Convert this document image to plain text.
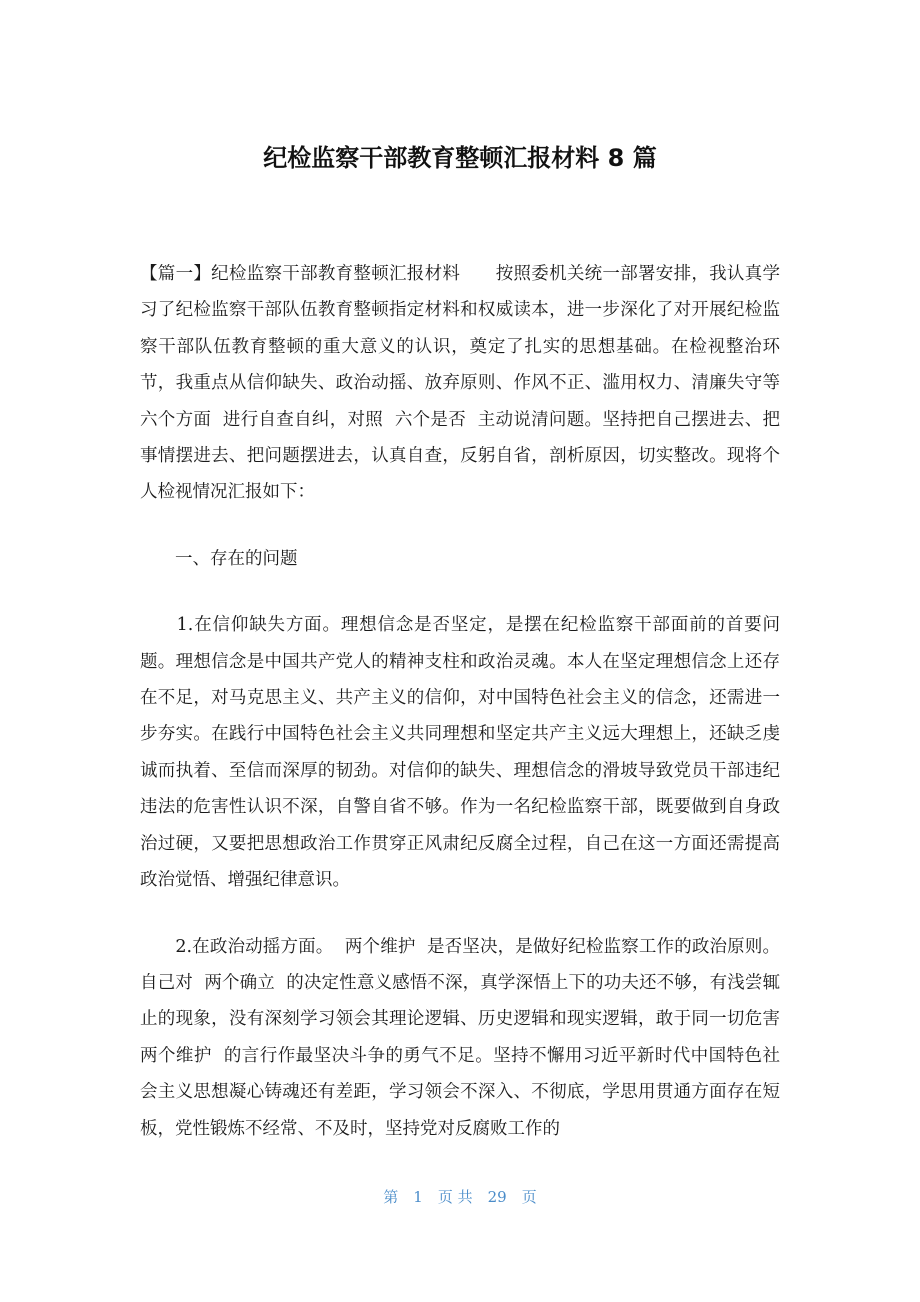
纪检监察干部教育整顿汇报材料 8 篇

【篇一】纪检监察干部教育整顿汇报材料　　按照委机关统一部署安排，我认真学习了纪检监察干部队伍教育整顿指定材料和权威读本，进一步深化了对开展纪检监察干部队伍教育整顿的重大意义的认识，奠定了扎实的思想基础。在检视整治环节，我重点从信仰缺失、政治动摇、放弃原则、作风不正、滥用权力、清廉失守等  六个方面  进行自查自纠，对照  六个是否  主动说清问题。坚持把自己摆进去、把事情摆进去、把问题摆进去，认真自查，反躬自省，剖析原因，切实整改。现将个人检视情况汇报如下：

　　一、存在的问题

　　1.在信仰缺失方面。理想信念是否坚定，是摆在纪检监察干部面前的首要问题。理想信念是中国共产党人的精神支柱和政治灵魂。本人在坚定理想信念上还存在不足，对马克思主义、共产主义的信仰，对中国特色社会主义的信念，还需进一步夯实。在践行中国特色社会主义共同理想和坚定共产主义远大理想上，还缺乏虔诚而执着、至信而深厚的韧劲。对信仰的缺失、理想信念的滑坡导致党员干部违纪违法的危害性认识不深，自警自省不够。作为一名纪检监察干部，既要做到自身政治过硬，又要把思想政治工作贯穿正风肃纪反腐全过程，自己在这一方面还需提高政治觉悟、增强纪律意识。

　　2.在政治动摇方面。  两个维护  是否坚决，是做好纪检监察工作的政治原则。自己对  两个确立  的决定性意义感悟不深，真学深悟上下的功夫还不够，有浅尝辄止的现象，没有深刻学习领会其理论逻辑、历史逻辑和现实逻辑，敢于同一切危害  两个维护  的言行作最坚决斗争的勇气不足。坚持不懈用习近平新时代中国特色社会主义思想凝心铸魂还有差距，学习领会不深入、不彻底，学思用贯通方面存在短板，党性锻炼不经常、不及时，坚持党对反腐败工作的

第　1　页 共　29　页
